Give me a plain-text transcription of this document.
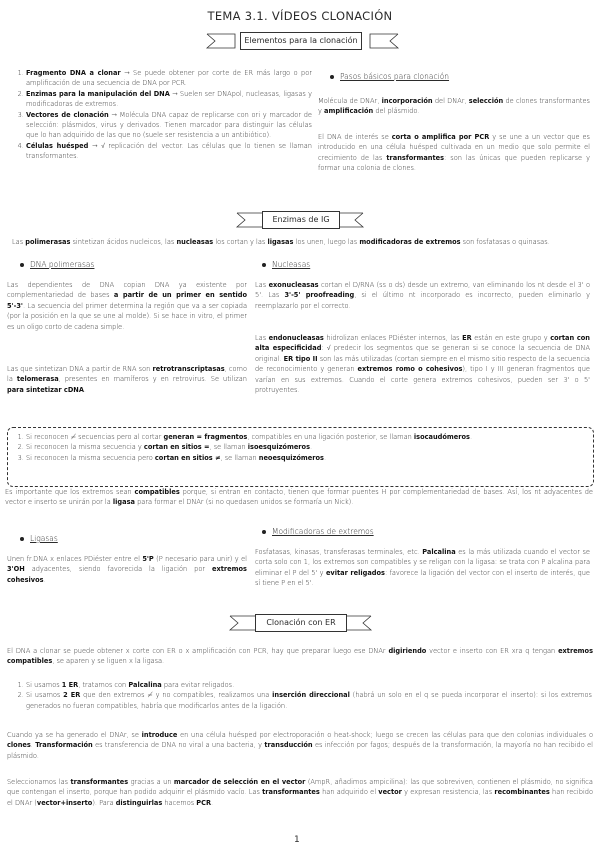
TEMA 3.1. VÍDEOS CLONACIÓN
Elementos para la clonación
1. Fragmento DNA a clonar → Se puede obtener por corte de ER más largo o por amplificación de una secuencia de DNA por PCR.
2. Enzimas para la manipulación del DNA → Suelen ser DNApol, nucleasas, ligasas y modificadoras de extremos.
3. Vectores de clonación → Molécula DNA capaz de replicarse con ori y marcador de selección: plásmidos, virus y derivados. Tienen marcador para distinguir las células que lo han adquirido de las que no (suele ser resistencia a un antibiótico).
4. Células huésped → √ replicación del vector. Las células que lo tienen se llaman transformantes.
Pasos básicos para clonación
Molécula de DNAr, incorporación del DNAr, selección de clones transformantes y amplificación del plásmido.
El DNA de interés se corta o amplifica por PCR y se une a un vector que es introducido en una célula huésped cultivada en un medio que solo permite el crecimiento de las transformantes: son las únicas que pueden replicarse y formar una colonia de clones.
Enzimas de IG
Las polimerasas sintetizan ácidos nucleicos, las nucleasas los cortan y las ligasas los unen, luego las modificadoras de extremos son fosfatasas o quinasas.
DNA polimerasas
Las dependientes de DNA copian DNA ya existente por complementariedad de bases a partir de un primer en sentido 5'-3'. La secuencia del primer determina la región que va a ser copiada (por la posición en la que se une al molde). Si se hace in vitro, el primer es un oligo corto de cadena simple.
Las que sintetizan DNA a partir de RNA son retrotranscriptasas, como la telomerasa, presentes en mamíferos y en retrovirus. Se utilizan para sintetizar cDNA.
Nucleasas
Las exonucleasas cortan el D/RNA (ss o ds) desde un extremo, van eliminando los nt desde el 3' o 5'. Las 3'-5' proofreading, si el último nt incorporado es incorrecto, pueden eliminarlo y reemplazarlo por el correcto.
Las endonucleasas hidrolizan enlaces PDiéster internos, las ER están en este grupo y cortan con alta especificidad: √ predecir los segmentos que se generan si se conoce la secuencia de DNA original. ER tipo II son las más utilizadas (cortan siempre en el mismo sitio respecto de la secuencia de reconocimiento y generan extremos romo o cohesivos), tipo I y III generan fragmentos que varían en sus extremos. Cuando el corte genera extremos cohesivos, pueden ser 3' o 5' protruyentes.
1. Si reconocen ≠ secuencias pero al cortar generan = fragmentos, compatibles en una ligación posterior, se llaman isocaudómeros.
2. Si reconocen la misma secuencia y cortan en sitios =, se llaman isoesquizómeros.
3. Si reconocen la misma secuencia pero cortan en sitios ≠, se llaman neoesquizómeros.
Es importante que los extremos sean compatibles porque, si entran en contacto, tienen que formar puentes H por complementariedad de bases. Así, los nt adyacentes de vector e inserto se unirán por la ligasa para formar el DNAr (si no quedasen unidos se formaría un Nick).
Ligasas
Unen fr.DNA x enlaces PDiéster entre el 5'P (P necesario para unir) y el 3'OH adyacentes, siendo favorecida la ligación por extremos cohesivos.
Modificadoras de extremos
Fosfatasas, kinasas, transferasas terminales, etc. Palcalina es la más utilizada cuando el vector se corta solo con 1, los extremos son compatibles y se religan con la ligasa: se trata con P alcalina para eliminar el P del 5' y evitar religados: favorece la ligación del vector con el inserto de interés, que sí tiene P en el 5'.
Clonación con ER
El DNA a clonar se puede obtener x corte con ER o x amplificación con PCR, hay que preparar luego ese DNAr digiriendo vector e inserto con ER xra q tengan extremos compatibles, se aparen y se liguen x la ligasa.
1. Si usamos 1 ER, tratamos con Palcalina para evitar religados.
2. Si usamos 2 ER que den extremos ≠ y no compatibles, realizamos una inserción direccional (habrá un solo en el q se pueda incorporar el inserto): si los extremos generados no fueran compatibles, habría que modificarlos antes de la ligación.
Cuando ya se ha generado el DNAr, se introduce en una célula huésped por electroporación o heat-shock; luego se crecen las células para que den colonias individuales o clones. Transformación es transferencia de DNA no viral a una bacteria, y transducción es infección por fagos; después de la transformación, la mayoría no han recibido el plásmido.
Seleccionamos las transformantes gracias a un marcador de selección en el vector (AmpR, añadimos ampicilina): las que sobreviven, contienen el plásmido, no significa que contengan el inserto, porque han podido adquirir el plásmido vacío. Las transformantes han adquirido el vector y expresan resistencia, las recombinantes han recibido el DNAr (vector+inserto). Para distinguirlas hacemos PCR.
1
